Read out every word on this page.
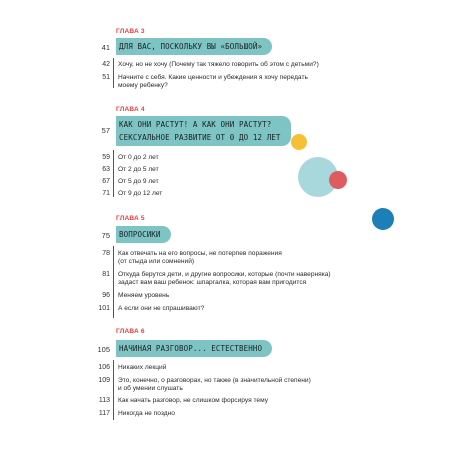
ГЛАВА 3
41 ДЛЯ ВАС, ПОСКОЛЬКУ ВЫ «БОЛЬШОЙ»
42 Хочу, но не хочу (Почему так тяжело говорить об этом с детьми?)
51 Начните с себя. Какие ценности и убеждения я хочу передать
моему ребенку?
ГЛАВА 4
57
КАК ОНИ РАСТУТ! А КАК ОНИ РАСТУТ?
СЕКСУАЛЬНОЕ РАЗВИТИЕ ОТ 0 ДО 12 ЛЕТ
59 От 0 до 2 лет
63 От 2 до 5 лет
67 От 5 до 9 лет
71 От 9 до 12 лет
ГЛАВА 5
75 ВОПРОСИКИ
78 Как отвечать на его вопросы, не потерпев поражения
(от стыда или сомнений)
81 Откуда берутся дети, и другие вопросики, которые (почти наверняка)
задаст вам ваш ребенок: шпаргалка, которая вам пригодится
96 Меняем уровень
101 А если они не спрашивают?
ГЛАВА 6
105 НАЧИНАЯ РАЗГОВОР... ЕСТЕСТВЕННО
106 Никаких лекций
109 Это, конечно, о разговорах, но также (в значительной степени)
и об умении слушать
113 Как начать разговор, не слишком форсируя тему
117 Никогда не поздно
